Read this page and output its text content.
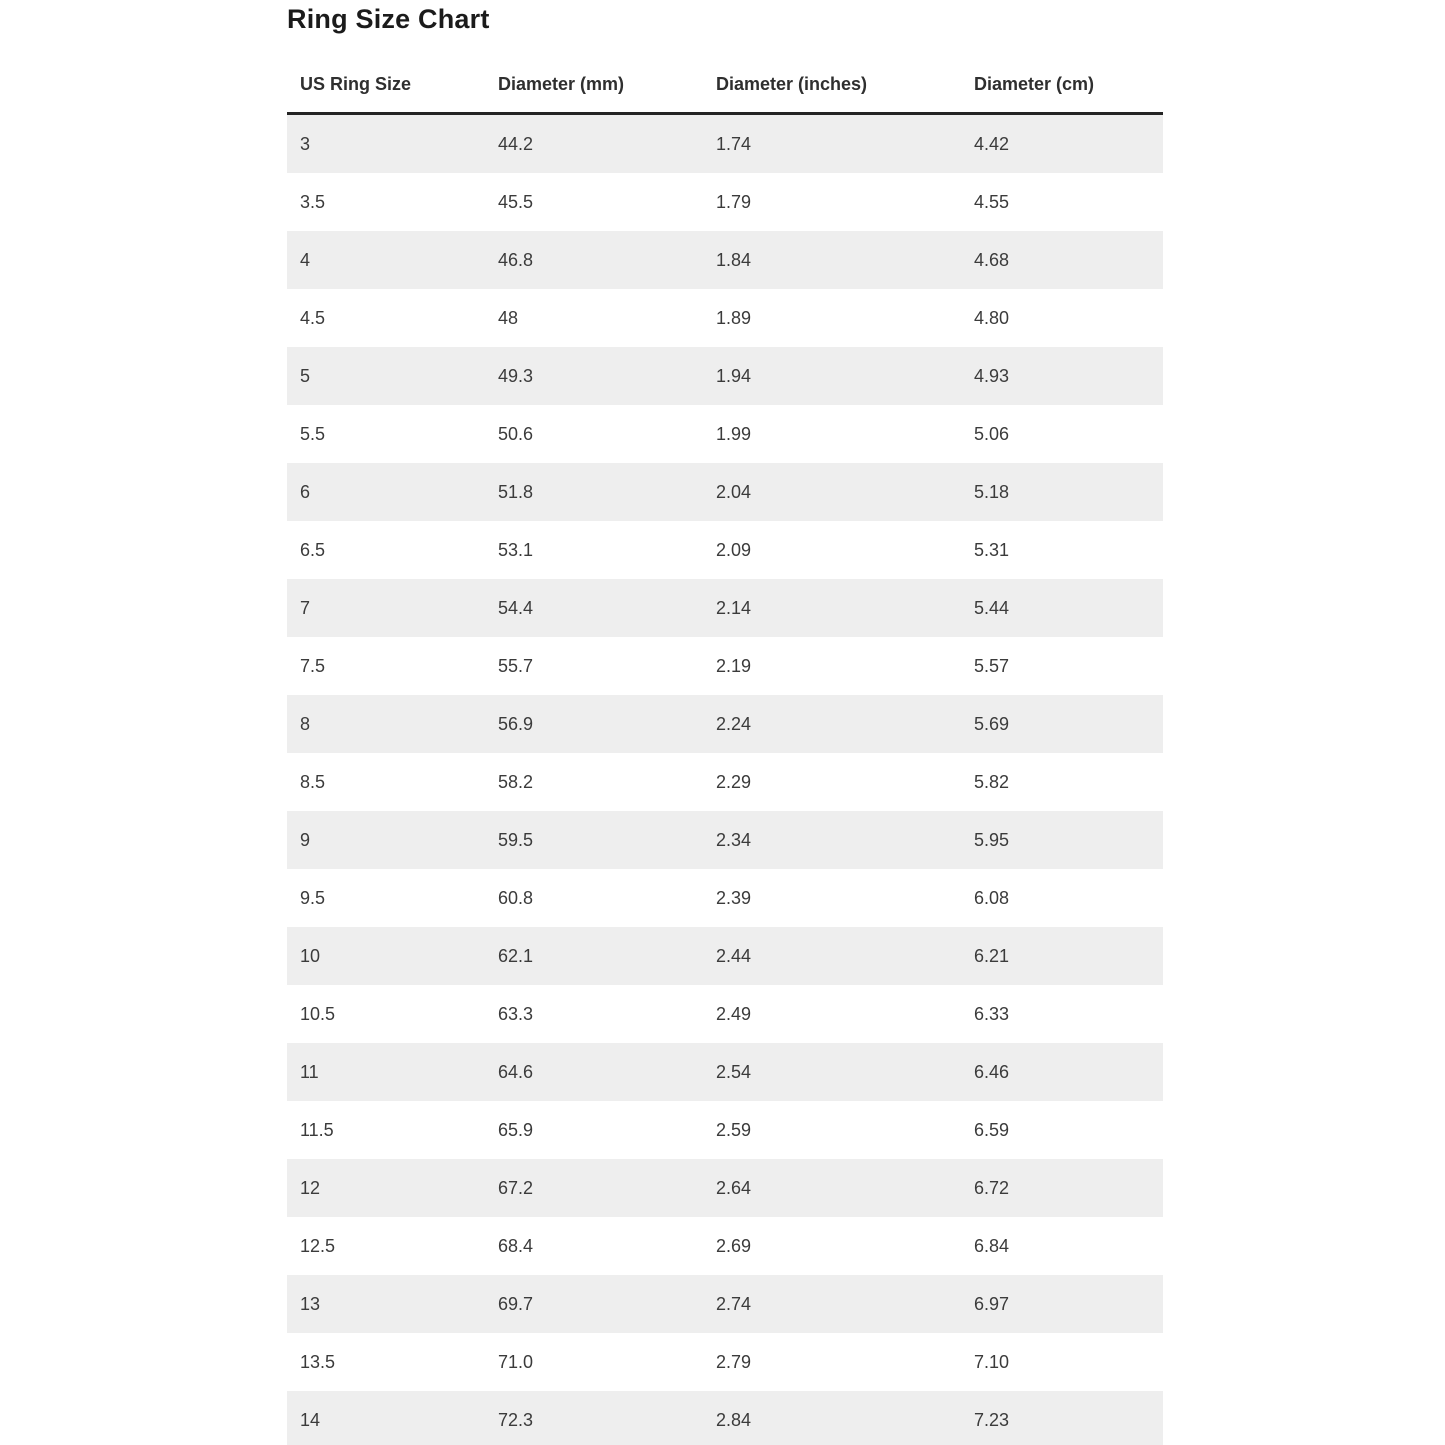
Ring Size Chart
US Ring Size	Diameter (mm)	Diameter (inches)	Diameter (cm)
3	44.2	1.74	4.42
3.5	45.5	1.79	4.55
4	46.8	1.84	4.68
4.5	48	1.89	4.80
5	49.3	1.94	4.93
5.5	50.6	1.99	5.06
6	51.8	2.04	5.18
6.5	53.1	2.09	5.31
7	54.4	2.14	5.44
7.5	55.7	2.19	5.57
8	56.9	2.24	5.69
8.5	58.2	2.29	5.82
9	59.5	2.34	5.95
9.5	60.8	2.39	6.08
10	62.1	2.44	6.21
10.5	63.3	2.49	6.33
11	64.6	2.54	6.46
11.5	65.9	2.59	6.59
12	67.2	2.64	6.72
12.5	68.4	2.69	6.84
13	69.7	2.74	6.97
13.5	71.0	2.79	7.10
14	72.3	2.84	7.23
